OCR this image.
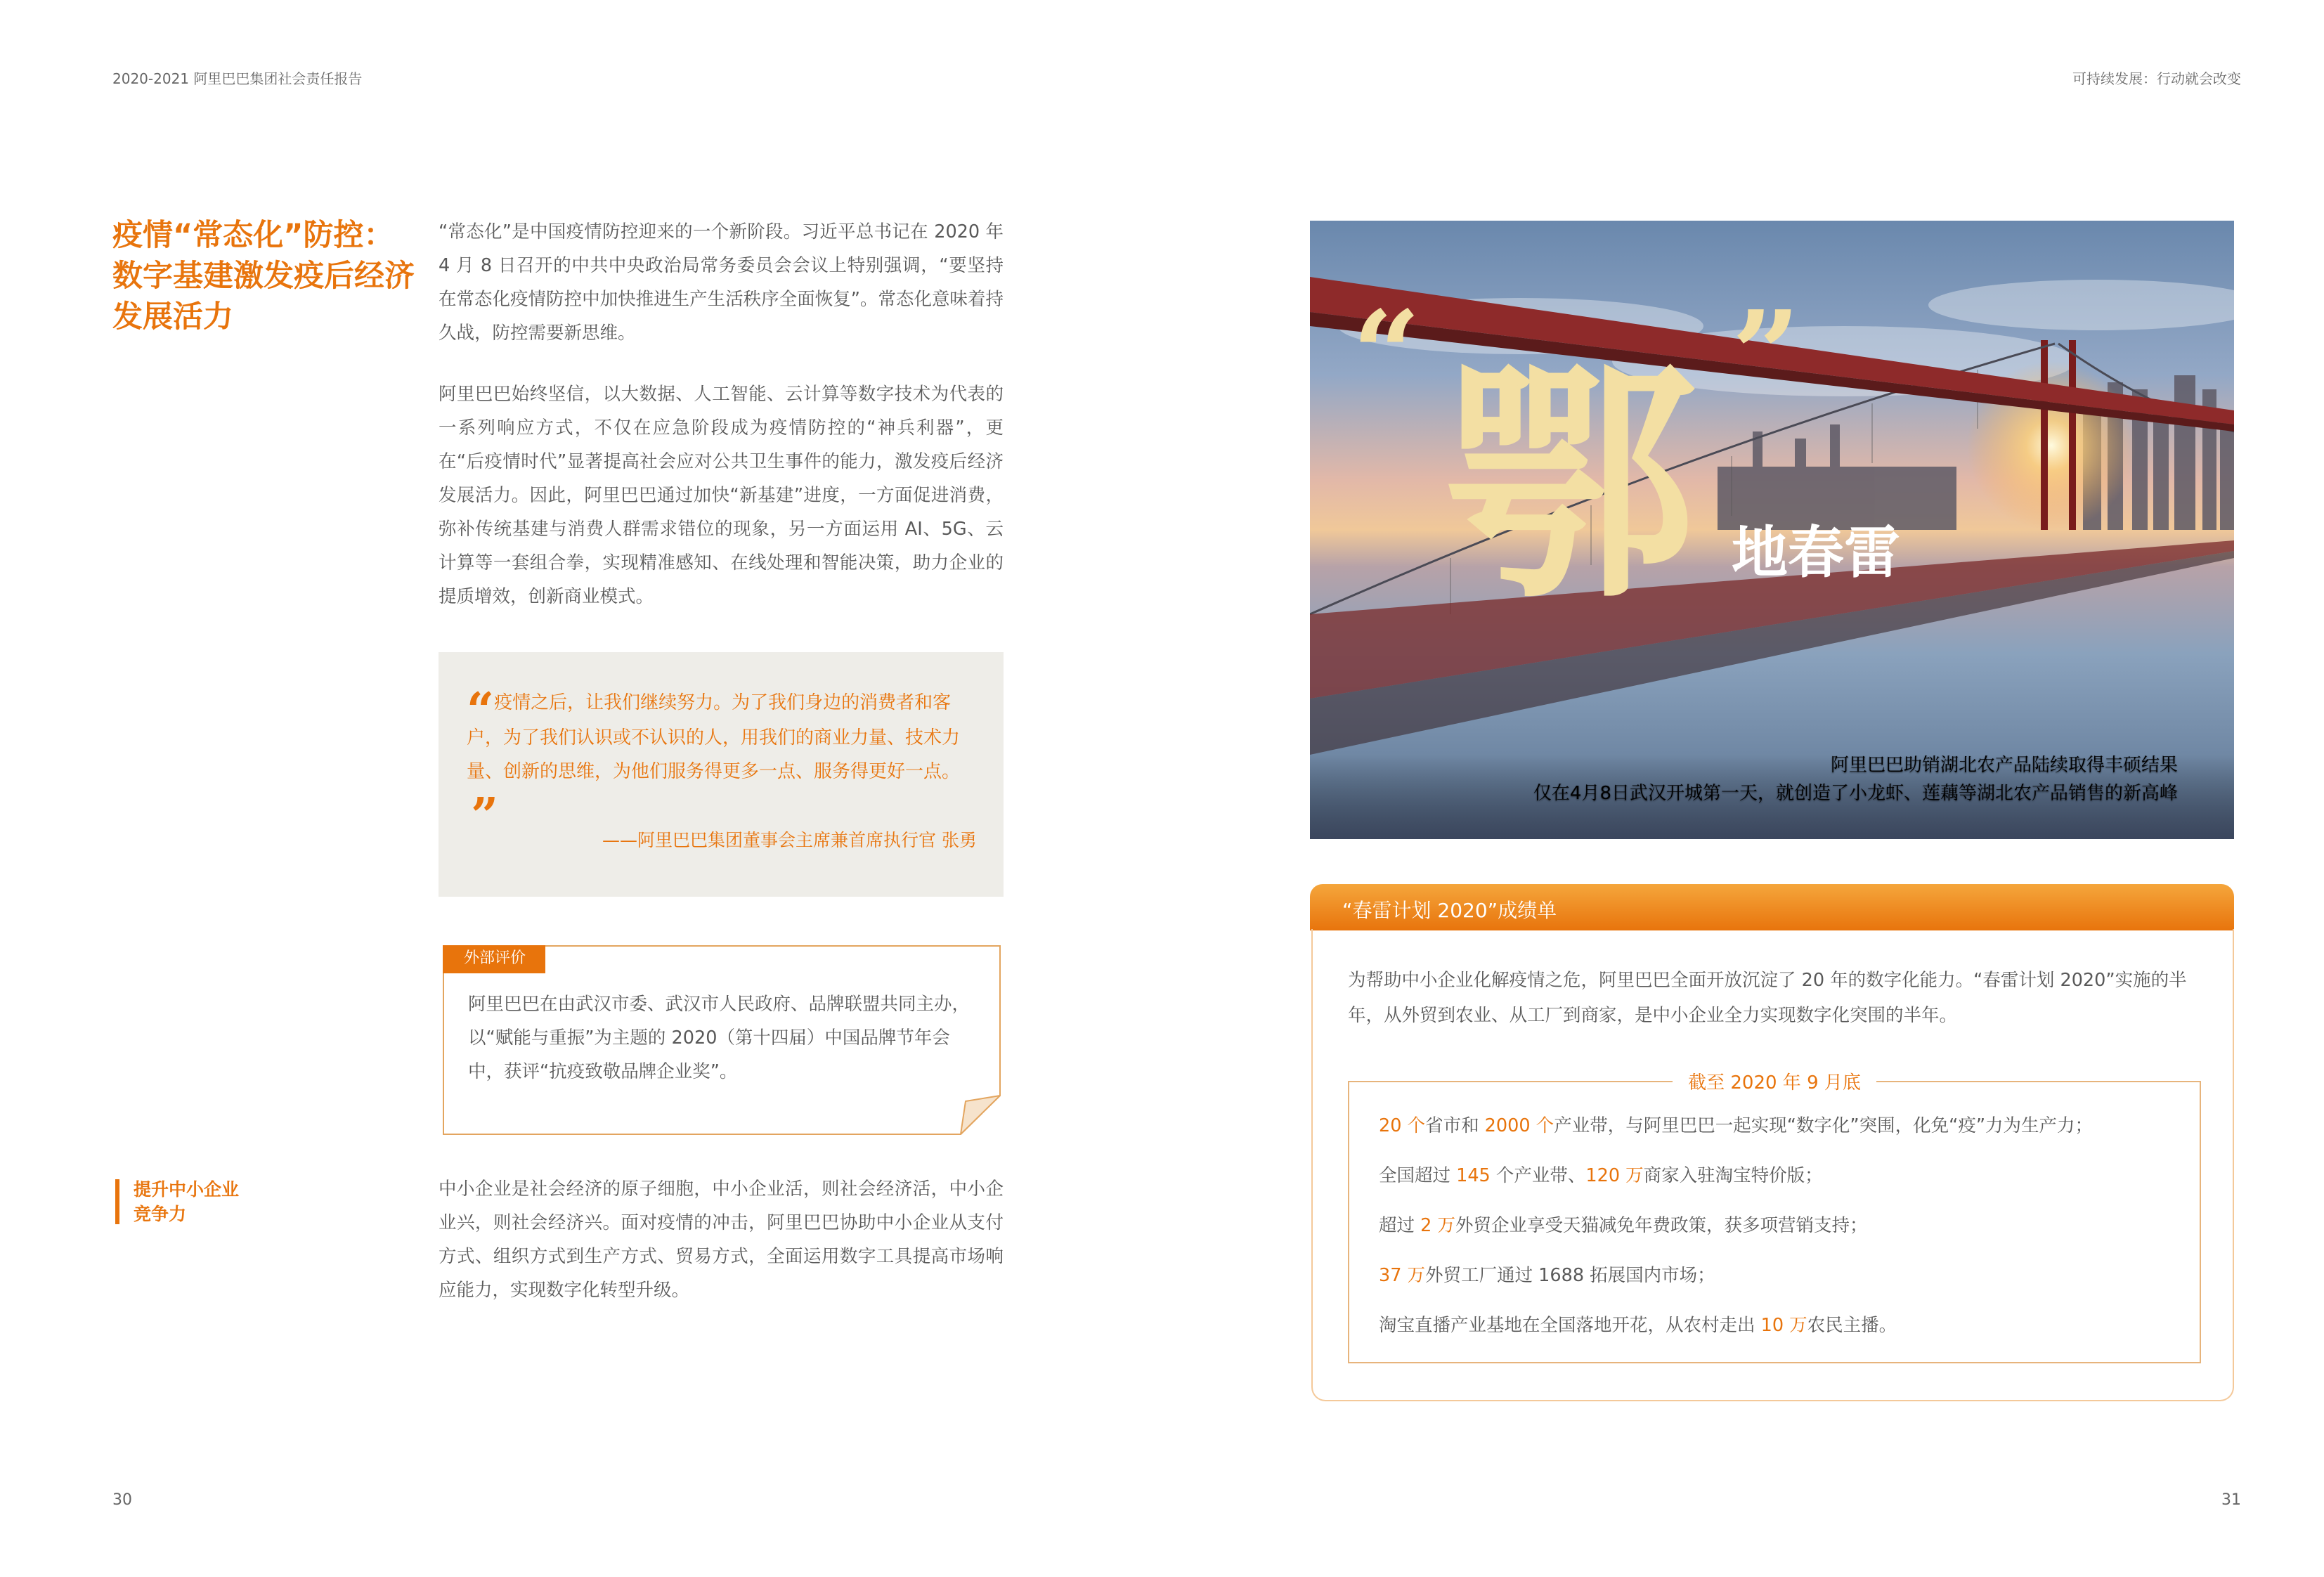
2020-2021 阿里巴巴集团社会责任报告	可持续发展：行动就会改变
疫情“常态化”防控：
数字基建激发疫后经济
发展活力

“常态化”是中国疫情防控迎来的一个新阶段。习近平总书记在 2020 年 4 月 8 日召开的中共中央政治局常务委员会会议上特别强调，“要坚持在常态化疫情防控中加快推进生产生活秩序全面恢复”。常态化意味着持久战，防控需要新思维。

阿里巴巴始终坚信，以大数据、人工智能、云计算等数字技术为代表的一系列响应方式，不仅在应急阶段成为疫情防控的“神兵利器”，更在“后疫情时代”显著提高社会应对公共卫生事件的能力，激发疫后经济发展活力。因此，阿里巴巴通过加快“新基建”进度，一方面促进消费，弥补传统基建与消费人群需求错位的现象，另一方面运用 AI、5G、云计算等一套组合拳，实现精准感知、在线处理和智能决策，助力企业的提质增效，创新商业模式。

“ 疫情之后，让我们继续努力。为了我们身边的消费者和客户，为了我们认识或不认识的人，用我们的商业力量、技术力量、创新的思维，为他们服务得更多一点、服务得更好一点。”	——阿里巴巴集团董事会主席兼首席执行官 张勇
外部评价
阿里巴巴在由武汉市委、武汉市人民政府、品牌联盟共同主办，以“赋能与重振”为主题的 2020（第十四届）中国品牌节年会中，获评“抗疫致敬品牌企业奖”。
提升中小企业
竞争力

中小企业是社会经济的原子细胞，中小企业活，则社会经济活，中小企业兴，则社会经济兴。面对疫情的冲击，阿里巴巴协助中小企业从支付方式、组织方式到生产方式、贸易方式，全面运用数字工具提高市场响应能力，实现数字化转型升级。

“ 鄂 ”
地春雷
阿里巴巴助销湖北农产品陆续取得丰硕结果
仅在4月8日武汉开城第一天，就创造了小龙虾、莲藕等湖北农产品销售的新高峰
“春雷计划 2020”成绩单

为帮助中小企业化解疫情之危，阿里巴巴全面开放沉淀了 20 年的数字化能力。“春雷计划 2020”实施的半年，从外贸到农业、从工厂到商家，是中小企业全力实现数字化突围的半年。

截至 2020 年 9 月底
20 个省市和 2000 个产业带，与阿里巴巴一起实现“数字化”突围，化免“疫”力为生产力；
全国超过 145 个产业带、120 万商家入驻淘宝特价版；
超过 2 万外贸企业享受天猫减免年费政策，获多项营销支持；
37 万外贸工厂通过 1688 拓展国内市场；
淘宝直播产业基地在全国落地开花，从农村走出 10 万农民主播。
30	31
